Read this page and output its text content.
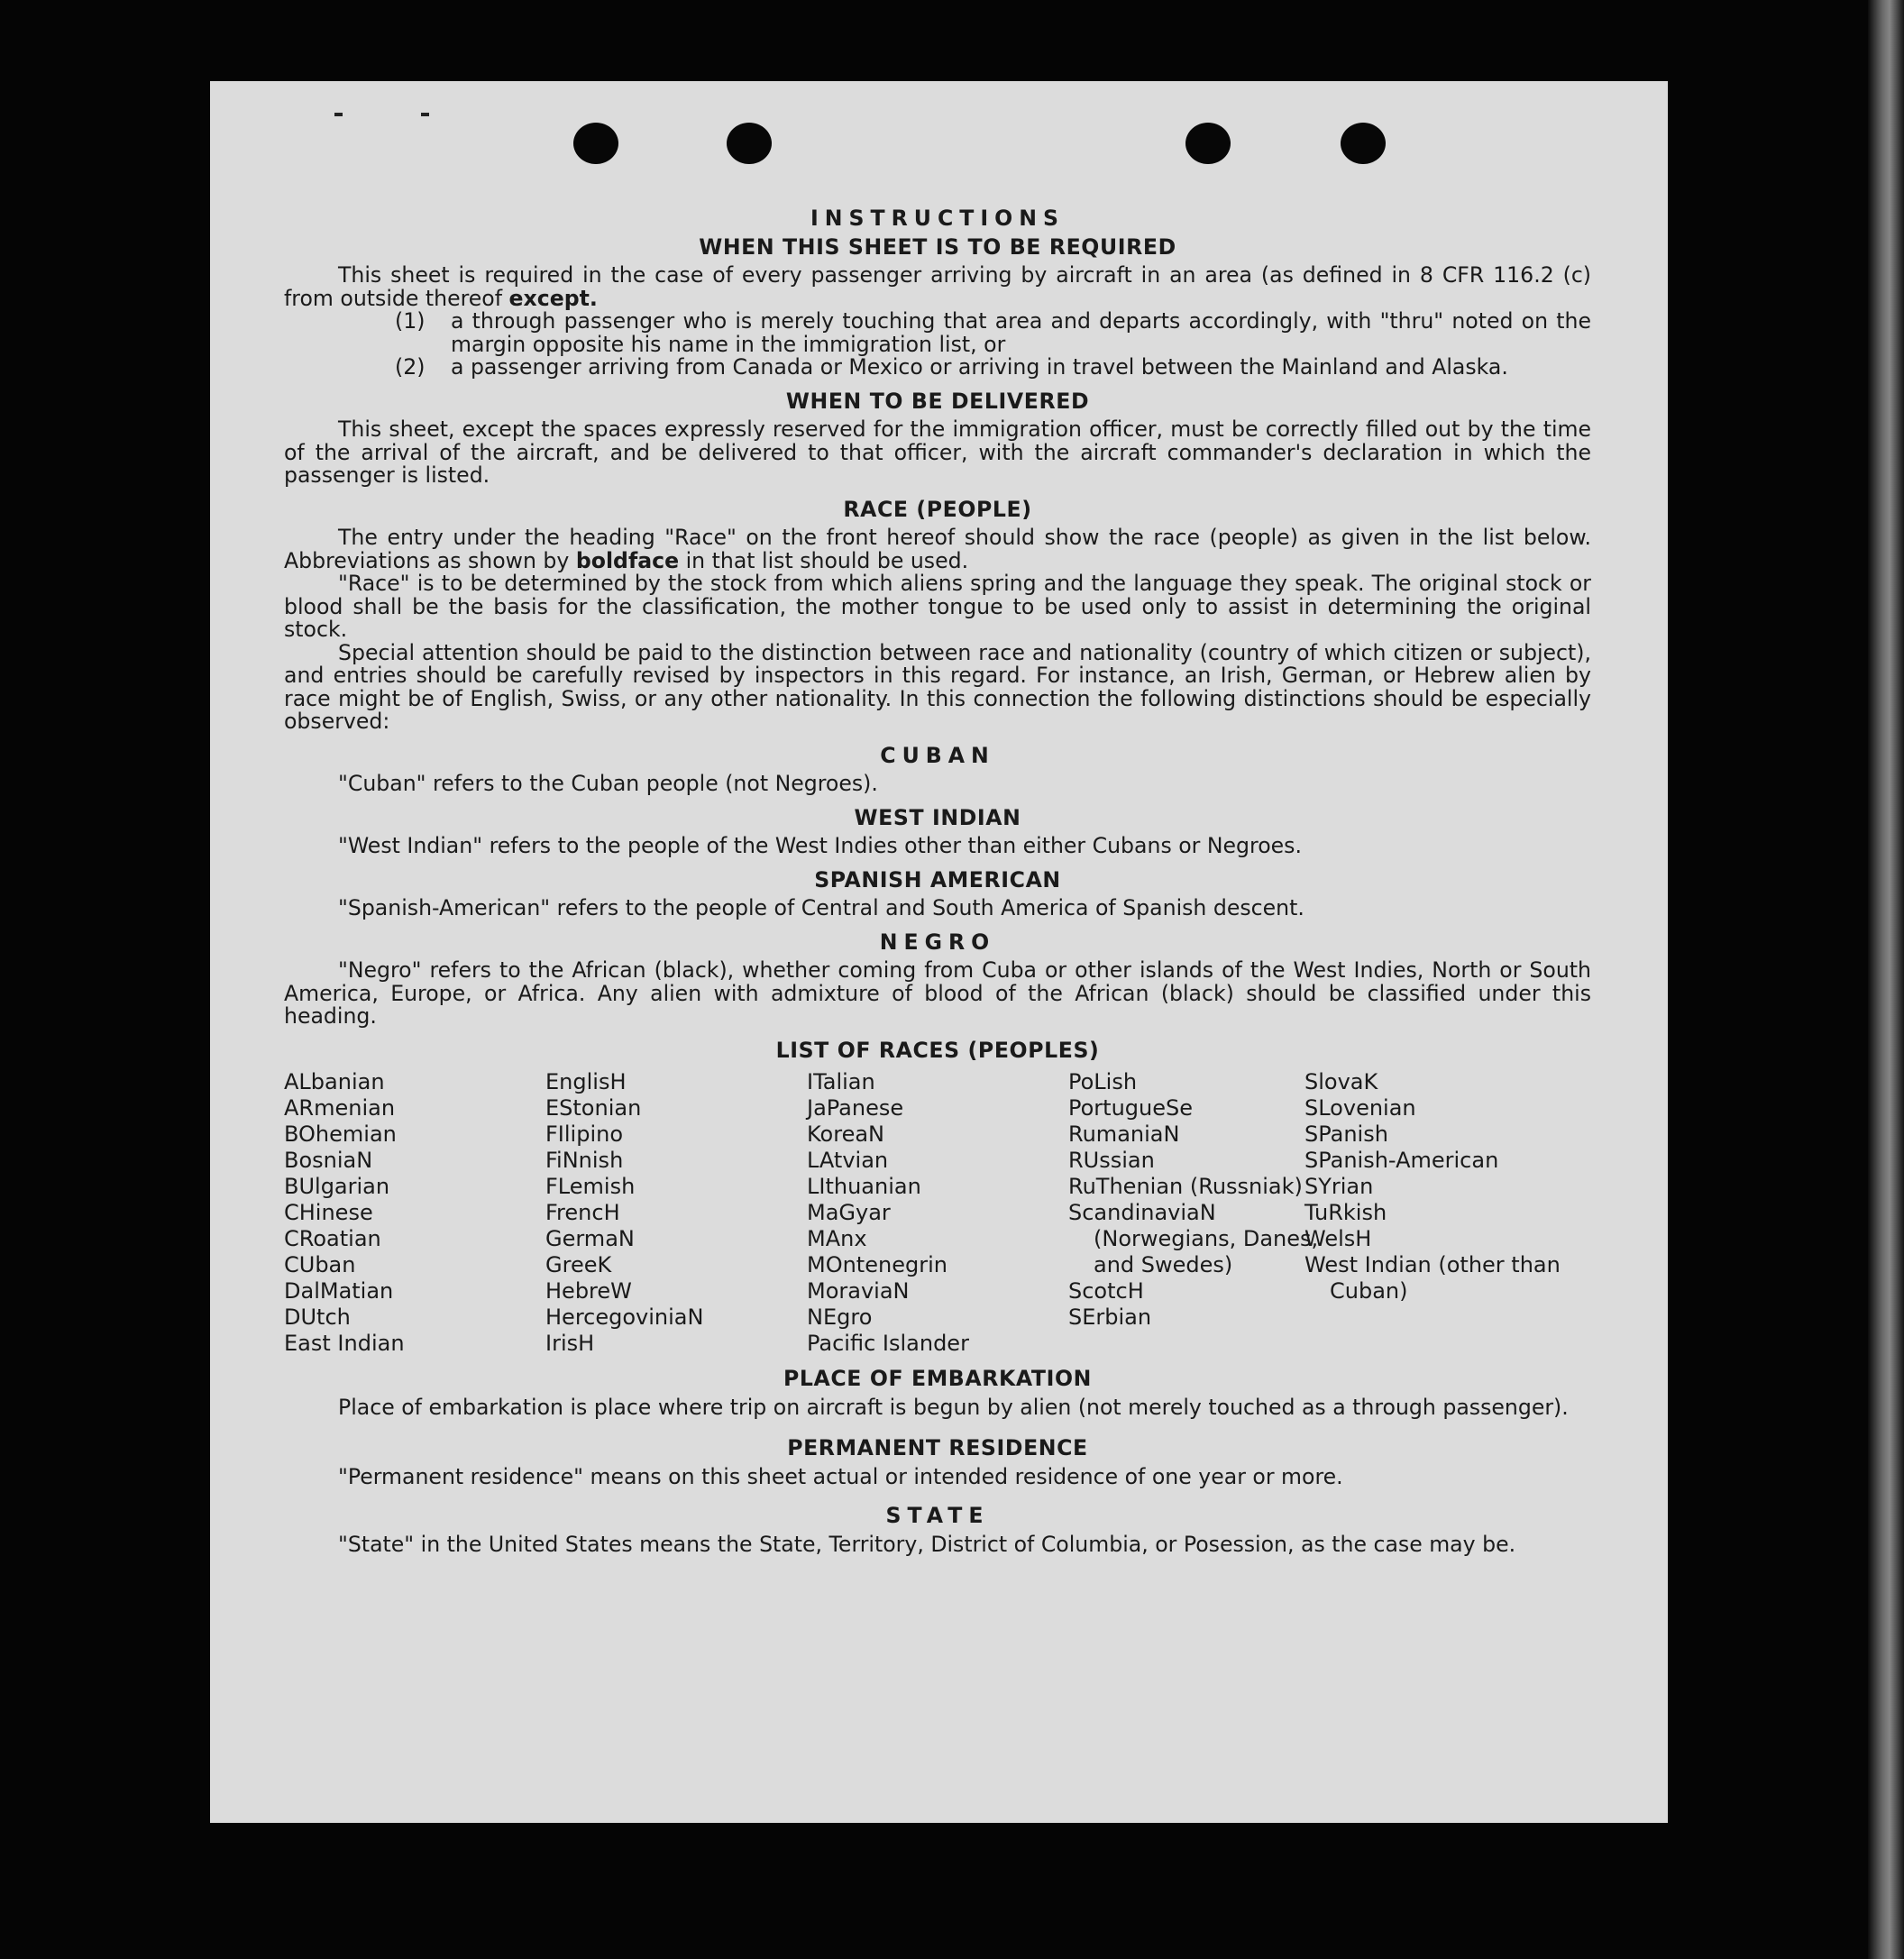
INSTRUCTIONS
WHEN THIS SHEET IS TO BE REQUIRED

This sheet is required in the case of every passenger arriving by aircraft in an area (as defined in 8 CFR 116.2 (c) from outside thereof except.

(1)	a through passenger who is merely touching that area and departs accordingly, with "thru" noted on the margin opposite his name in the immigration list, or
(2)	a passenger arriving from Canada or Mexico or arriving in travel between the Mainland and Alaska.
WHEN TO BE DELIVERED

This sheet, except the spaces expressly reserved for the immigration officer, must be correctly filled out by the time of the arrival of the aircraft, and be delivered to that officer, with the aircraft commander's declaration in which the passenger is listed.

RACE (PEOPLE)

The entry under the heading "Race" on the front hereof should show the race (people) as given in the list below. Abbreviations as shown by boldface in that list should be used.

"Race" is to be determined by the stock from which aliens spring and the language they speak. The original stock or blood shall be the basis for the classification, the mother tongue to be used only to assist in determining the original stock.

Special attention should be paid to the distinction between race and nationality (country of which citizen or subject), and entries should be carefully revised by inspectors in this regard. For instance, an Irish, German, or Hebrew alien by race might be of English, Swiss, or any other nationality. In this connection the following distinctions should be especially observed:

CUBAN

"Cuban" refers to the Cuban people (not Negroes).

WEST INDIAN

"West Indian" refers to the people of the West Indies other than either Cubans or Negroes.

SPANISH AMERICAN

"Spanish-American" refers to the people of Central and South America of Spanish descent.

NEGRO

"Negro" refers to the African (black), whether coming from Cuba or other islands of the West Indies, North or South America, Europe, or Africa. Any alien with admixture of blood of the African (black) should be classified under this heading.

LIST OF RACES (PEOPLES)
ALbanian
ARmenian
BOhemian
BosniaN
BUlgarian
CHinese
CRoatian
CUban
DalMatian
DUtch
East Indian
EnglisH
EStonian
FIlipino
FiNnish
FLemish
FrencH
GermaN
GreeK
HebreW
HercegoviniaN
IrisH
ITalian
JaPanese
KoreaN
LAtvian
LIthuanian
MaGyar
MAnx
MOntenegrin
MoraviaN
NEgro
Pacific Islander
PoLish
PortugueSe
RumaniaN
RUssian
RuThenian (Russniak)
ScandinaviaN (Norwegians, Danes, and Swedes)
ScotcH
SErbian
SlovaK
SLovenian
SPanish
SPanish-American
SYrian
TuRkish
WelsH
West Indian (other than Cuban)
PLACE OF EMBARKATION

Place of embarkation is place where trip on aircraft is begun by alien (not merely touched as a through passenger).

PERMANENT RESIDENCE

"Permanent residence" means on this sheet actual or intended residence of one year or more.

STATE

"State" in the United States means the State, Territory, District of Columbia, or Posession, as the case may be.
